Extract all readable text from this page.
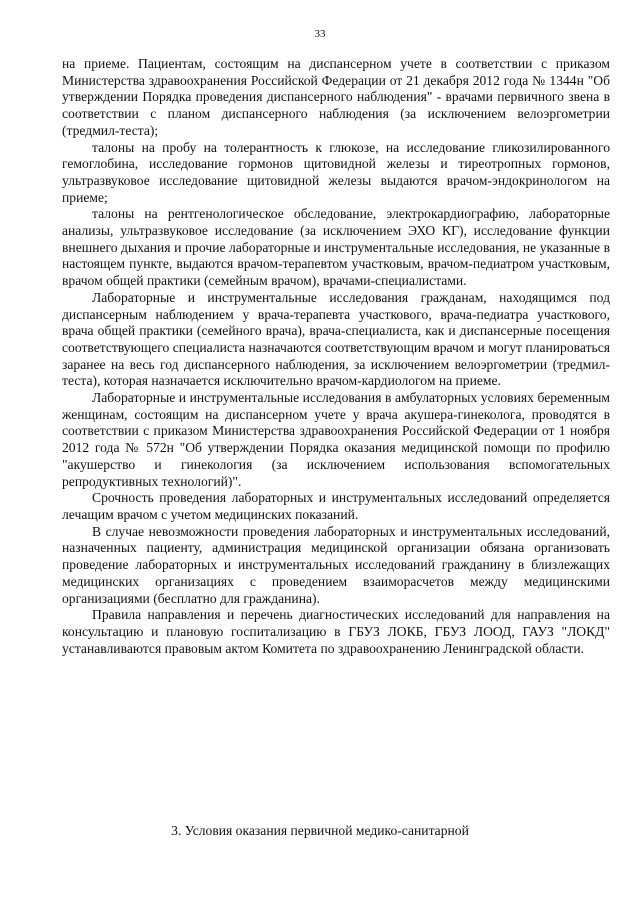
33

на приеме. Пациентам, состоящим на диспансерном учете в соответствии с приказом Министерства здравоохранения Российской Федерации от 21 декабря 2012 года № 1344н "Об утверждении Порядка проведения диспансерного наблюдения" - врачами первичного звена в соответствии с планом диспансерного наблюдения (за исключением велоэргометрии (тредмил-теста);

талоны на пробу на толерантность к глюкозе, на исследование гликозилированного гемоглобина, исследование гормонов щитовидной железы и тиреотропных гормонов, ультразвуковое исследование щитовидной железы выдаются врачом-эндокринологом на приеме;

талоны на рентгенологическое обследование, электрокардиографию, лабораторные анализы, ультразвуковое исследование (за исключением ЭХО КГ), исследование функции внешнего дыхания и прочие лабораторные и инструментальные исследования, не указанные в настоящем пункте, выдаются врачом-терапевтом участковым, врачом-педиатром участковым, врачом общей практики (семейным врачом), врачами-специалистами.

Лабораторные и инструментальные исследования гражданам, находящимся под диспансерным наблюдением у врача-терапевта участкового, врача-педиатра участкового, врача общей практики (семейного врача), врача-специалиста, как и диспансерные посещения соответствующего специалиста назначаются соответствующим врачом и могут планироваться заранее на весь год диспансерного наблюдения, за исключением велоэргометрии (тредмил-теста), которая назначается исключительно врачом-кардиологом на приеме.

Лабораторные и инструментальные исследования в амбулаторных условиях беременным женщинам, состоящим на диспансерном учете у врача акушера-гинеколога, проводятся в соответствии с приказом Министерства здравоохранения Российской Федерации от 1 ноября 2012 года № 572н "Об утверждении Порядка оказания медицинской помощи по профилю "акушерство и гинекология (за исключением использования вспомогательных репродуктивных технологий)".

Срочность проведения лабораторных и инструментальных исследований определяется лечащим врачом с учетом медицинских показаний.

В случае невозможности проведения лабораторных и инструментальных исследований, назначенных пациенту, администрация медицинской организации обязана организовать проведение лабораторных и инструментальных исследований гражданину в близлежащих медицинских организациях с проведением взаиморасчетов между медицинскими организациями (бесплатно для гражданина).

Правила направления и перечень диагностических исследований для направления на консультацию и плановую госпитализацию в ГБУЗ ЛОКБ, ГБУЗ ЛООД, ГАУЗ "ЛОКД" устанавливаются правовым актом Комитета по здравоохранению Ленинградской области.

3. Условия оказания первичной медико-санитарной
